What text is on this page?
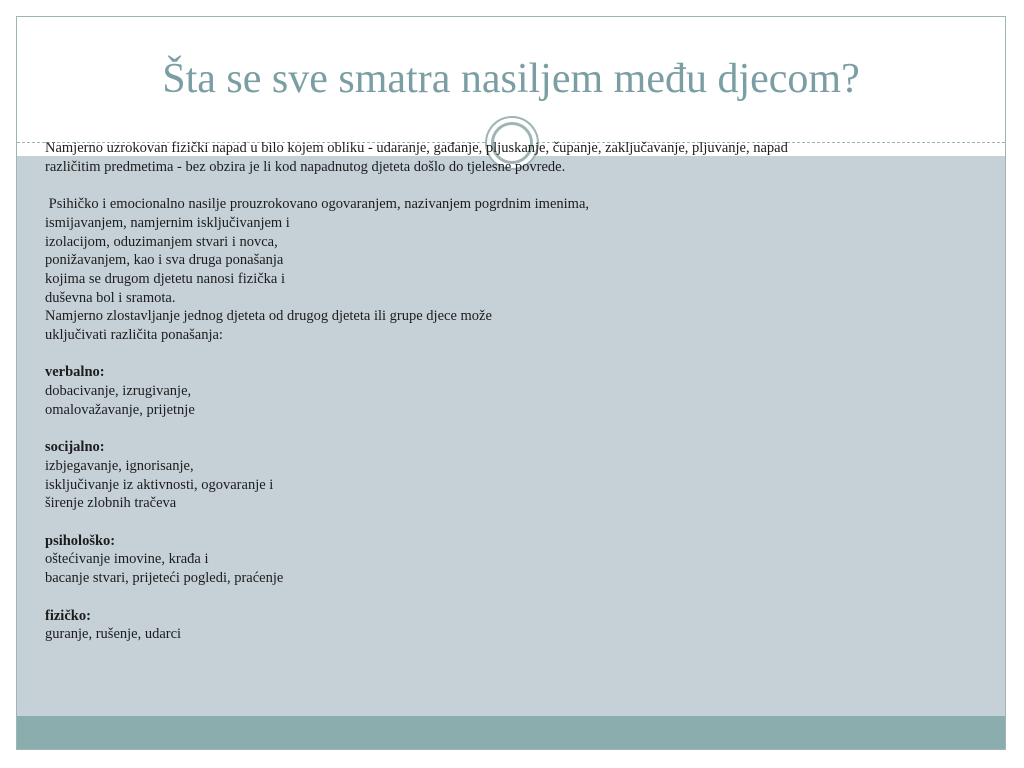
Šta se sve smatra nasiljem među djecom?
Namjerno uzrokovan fizički napad u bilo kojem obliku - udaranje, gađanje, pljuskanje, čupanje, zaključavanje, pljuvanje, napad
različitim predmetima - bez obzira je li kod napadnutog djeteta došlo do tjelesne povrede.
Psihičko i emocionalno nasilje prouzrokovano ogovaranjem, nazivanjem pogrdnim imenima,
ismijavanjem, namjernim isključivanjem i
izolacijom, oduzimanjem stvari i novca,
ponižavanjem, kao i sva druga ponašanja
kojima se drugom djetetu nanosi fizička i
duševna bol i sramota.
Namjerno zlostavljanje jednog djeteta od drugog djeteta ili grupe djece može
uključivati različita ponašanja:
verbalno:
dobacivanje, izrugivanje,
omalovažavanje, prijetnje
socijalno:
izbjegavanje, ignorisanje,
isključivanje iz aktivnosti, ogovaranje i
širenje zlobnih tračeva
psihološko:
oštećivanje imovine, krađa i
bacanje stvari, prijeteći pogledi, praćenje
fizičko:
guranje, rušenje, udarci
